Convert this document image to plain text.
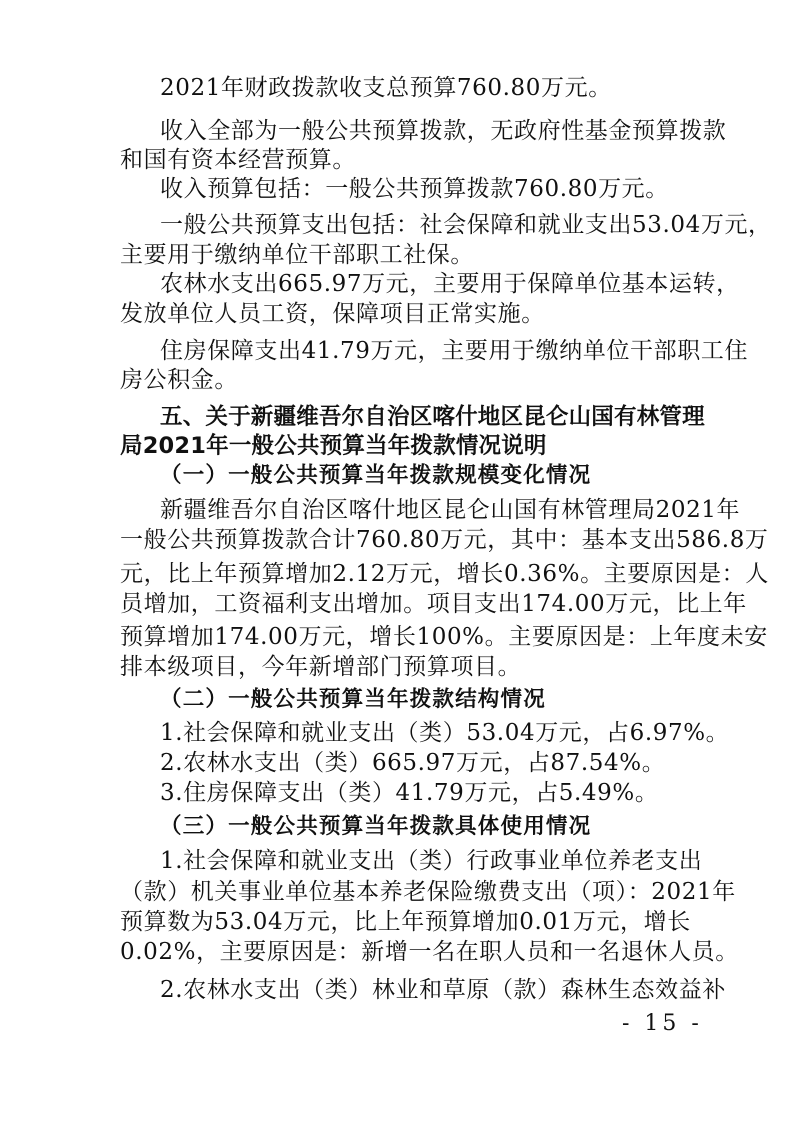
2021年财政拨款收支总预算760.80万元。
收入全部为一般公共预算拨款，无政府性基金预算拨款
和国有资本经营预算。
收入预算包括：一般公共预算拨款760.80万元。
一般公共预算支出包括：社会保障和就业支出53.04万元，
主要用于缴纳单位干部职工社保。
农林水支出665.97万元，主要用于保障单位基本运转，
发放单位人员工资，保障项目正常实施。
住房保障支出41.79万元，主要用于缴纳单位干部职工住
房公积金。
五、关于新疆维吾尔自治区喀什地区昆仑山国有林管理
局2021年一般公共预算当年拨款情况说明
（一）一般公共预算当年拨款规模变化情况
新疆维吾尔自治区喀什地区昆仑山国有林管理局2021年
一般公共预算拨款合计760.80万元，其中：基本支出586.8万
元，比上年预算增加2.12万元，增长0.36%。主要原因是：人
员增加，工资福利支出增加。项目支出174.00万元，比上年
预算增加174.00万元，增长100%。主要原因是：上年度未安
排本级项目，今年新增部门预算项目。
（二）一般公共预算当年拨款结构情况
1.社会保障和就业支出（类）53.04万元，占6.97%。
2.农林水支出（类）665.97万元，占87.54%。
3.住房保障支出（类）41.79万元，占5.49%。
（三）一般公共预算当年拨款具体使用情况
1.社会保障和就业支出（类）行政事业单位养老支出
（款）机关事业单位基本养老保险缴费支出（项）：2021年
预算数为53.04万元，比上年预算增加0.01万元，增长
0.02%，主要原因是：新增一名在职人员和一名退休人员。
2.农林水支出（类）林业和草原（款）森林生态效益补
- 15 -
